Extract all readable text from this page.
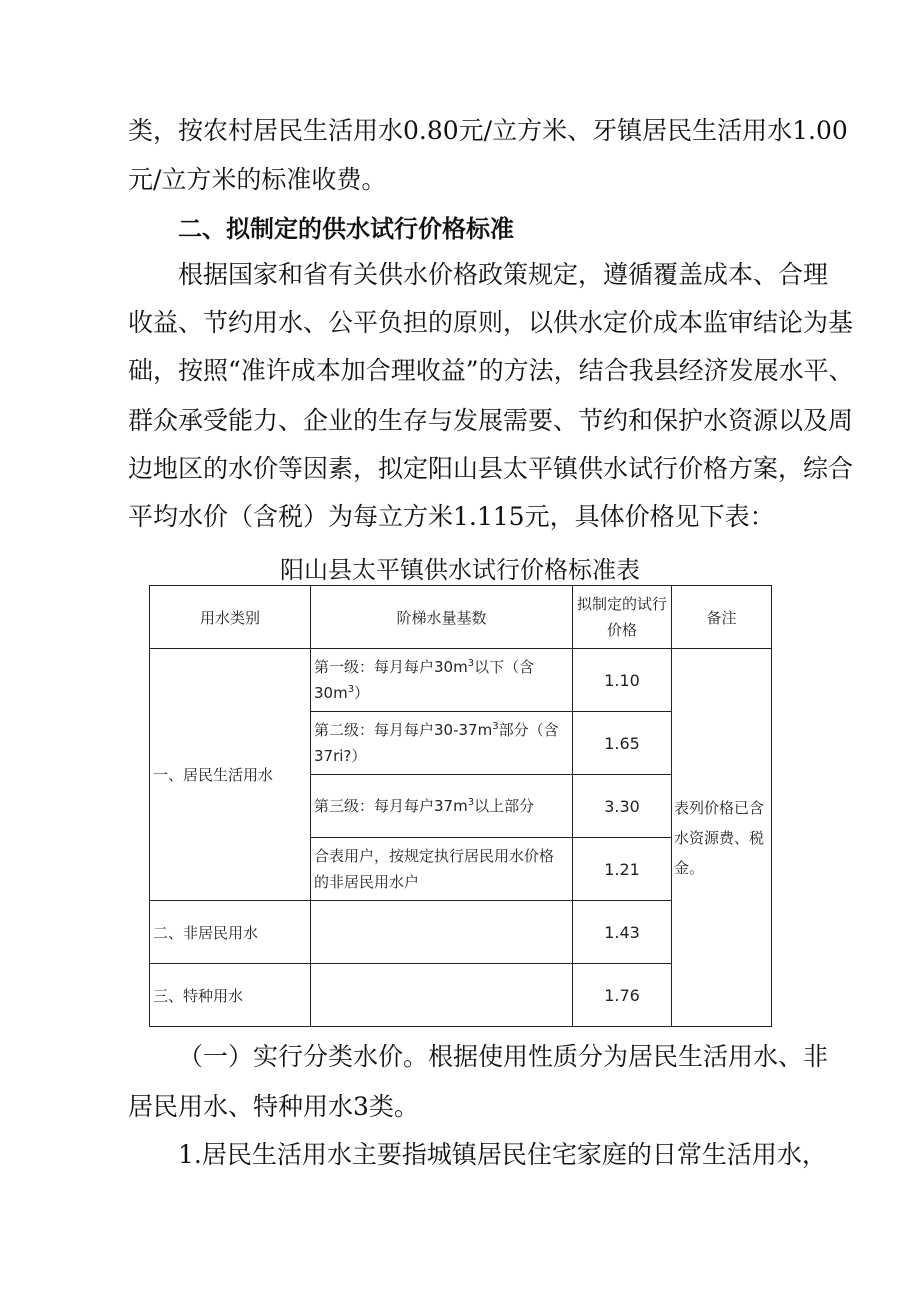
类，按农村居民生活用水0.80元/立方米、牙镇居民生活用水1.00
元/立方米的标准收费。
二、拟制定的供水试行价格标准
根据国家和省有关供水价格政策规定，遵循覆盖成本、合理
收益、节约用水、公平负担的原则，以供水定价成本监审结论为基
础，按照“准许成本加合理收益”的方法，结合我县经济发展水平、
群众承受能力、企业的生存与发展需要、节约和保护水资源以及周
边地区的水价等因素，拟定阳山县太平镇供水试行价格方案，综合
平均水价（含税）为每立方米1.115元，具体价格见下表：
阳山县太平镇供水试行价格标准表
用水类别	阶梯水量基数	拟制定的试行价格	备注
一、居民生活用水	第一级：每月每户$30m^3$以下（含$30m^3$）	1.10	表列价格已含水资源费、税金。
	第二级：每月每户$30-37m^3$部分（含37ri?）	1.65	
	第三级：每月每户$37m^3$以上部分	3.30	
	合表用户，按规定执行居民用水价格的非居民用水户	1.21	
二、非居民用水		1.43	
三、特种用水		1.76	
（一）实行分类水价。根据使用性质分为居民生活用水、非
居民用水、特种用水3类。
1.居民生活用水主要指城镇居民住宅家庭的日常生活用水，
